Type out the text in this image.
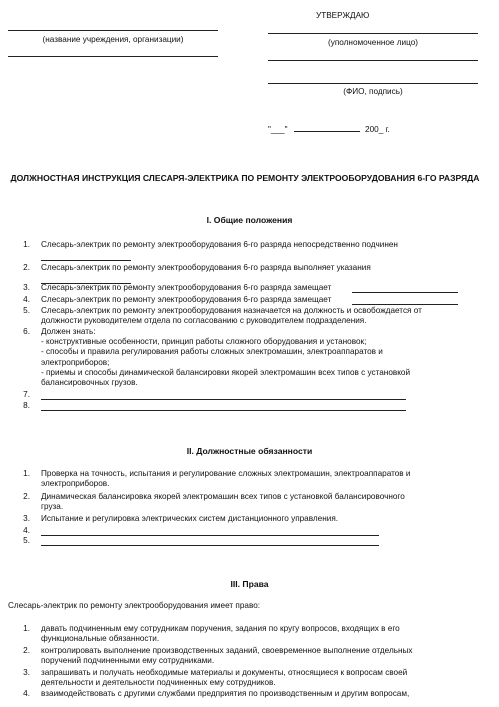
УТВЕРЖДАЮ
(название учреждения, организации)	(уполномоченное лицо)
(ФИО, подпись)
"___"	200_ г.
ДОЛЖНОСТНАЯ ИНСТРУКЦИЯ СЛЕСАРЯ-ЭЛЕКТРИКА ПО РЕМОНТУ ЭЛЕКТРООБОРУДОВАНИЯ 6-ГО РАЗРЯДА
I. Общие положения
1. Слесарь-электрик по ремонту электрооборудования 6-го разряда непосредственно подчинен
2. Слесарь-электрик по ремонту электрооборудования 6-го разряда выполняет указания
3. Слесарь-электрик по ремонту электрооборудования 6-го разряда замещает
4. Слесарь-электрик по ремонту электрооборудования 6-го разряда замещает
5. Слесарь-электрик по ремонту электрооборудования назначается на должность и освобождается от
должности руководителем отдела по согласованию с руководителем подразделения.
6. Должен знать:
- конструктивные особенности, принцип работы сложного оборудования и установок;
- способы и правила регулирования работы сложных электромашин, электроаппаратов и
электроприборов;
- приемы и способы динамической балансировки якорей электромашин всех типов с установкой
балансировочных грузов.
7.
8.
II. Должностные обязанности
1. Проверка на точность, испытания и регулирование сложных электромашин, электроаппаратов и
электроприборов.
2. Динамическая балансировка якорей электромашин всех типов с установкой балансировочного
груза.
3. Испытание и регулировка электрических систем дистанционного управления.
4.
5.
III. Права
Слесарь-электрик по ремонту электрооборудования имеет право:
1. давать подчиненным ему сотрудникам поручения, задания по кругу вопросов, входящих в его
функциональные обязанности.
2. контролировать выполнение производственных заданий, своевременное выполнение отдельных
поручений подчиненными ему сотрудниками.
3. запрашивать и получать необходимые материалы и документы, относящиеся к вопросам своей
деятельности и деятельности подчиненных ему сотрудников.
4. взаимодействовать с другими службами предприятия по производственным и другим вопросам,
